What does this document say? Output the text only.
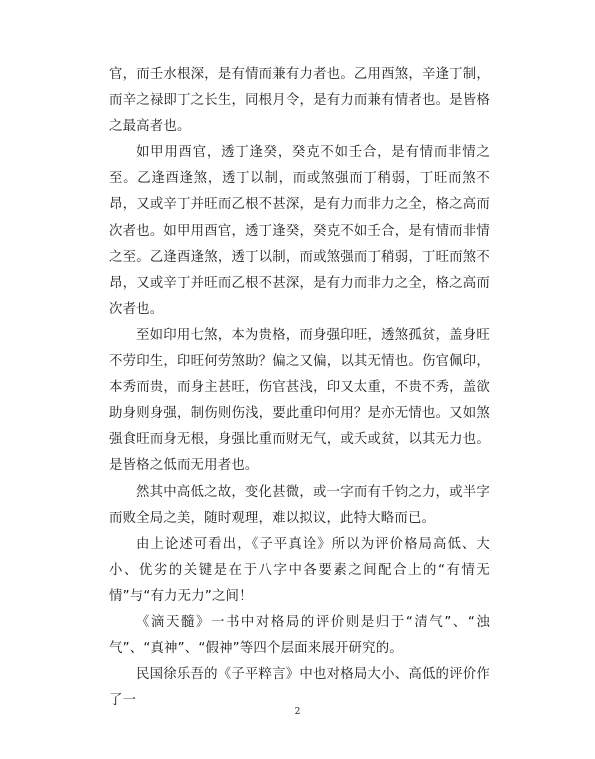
官，而壬水根深，是有情而兼有力者也。乙用酉煞，辛逢丁制，而辛之禄即丁之长生，同根月令，是有力而兼有情者也。是皆格之最高者也。

如甲用酉官，透丁逢癸，癸克不如壬合，是有情而非情之至。乙逢酉逢煞，透丁以制，而或煞强而丁稍弱，丁旺而煞不昂，又或辛丁并旺而乙根不甚深，是有力而非力之全，格之高而次者也。如甲用酉官，透丁逢癸，癸克不如壬合，是有情而非情之至。乙逢酉逢煞，透丁以制，而或煞强而丁稍弱，丁旺而煞不昂，又或辛丁并旺而乙根不甚深，是有力而非力之全，格之高而次者也。

至如印用七煞，本为贵格，而身强印旺，透煞孤贫，盖身旺不劳印生，印旺何劳煞助？偏之又偏，以其无情也。伤官佩印，本秀而贵，而身主甚旺，伤官甚浅，印又太重，不贵不秀，盖欲助身则身强，制伤则伤浅，要此重印何用？是亦无情也。又如煞强食旺而身无根，身强比重而财无气，或夭或贫，以其无力也。是皆格之低而无用者也。

然其中高低之故，变化甚微，或一字而有千钧之力，或半字而败全局之美，随时观理，难以拟议，此特大略而已。

由上论述可看出，《子平真诠》所以为评价格局高低、大小、优劣的关键是在于八字中各要素之间配合上的“有情无情”与“有力无力”之间！

《滴天髓》一书中对格局的评价则是归于“清气”、“浊气”、“真神”、“假神”等四个层面来展开研究的。

民国徐乐吾的《子平粹言》中也对格局大小、高低的评价作了一

2
